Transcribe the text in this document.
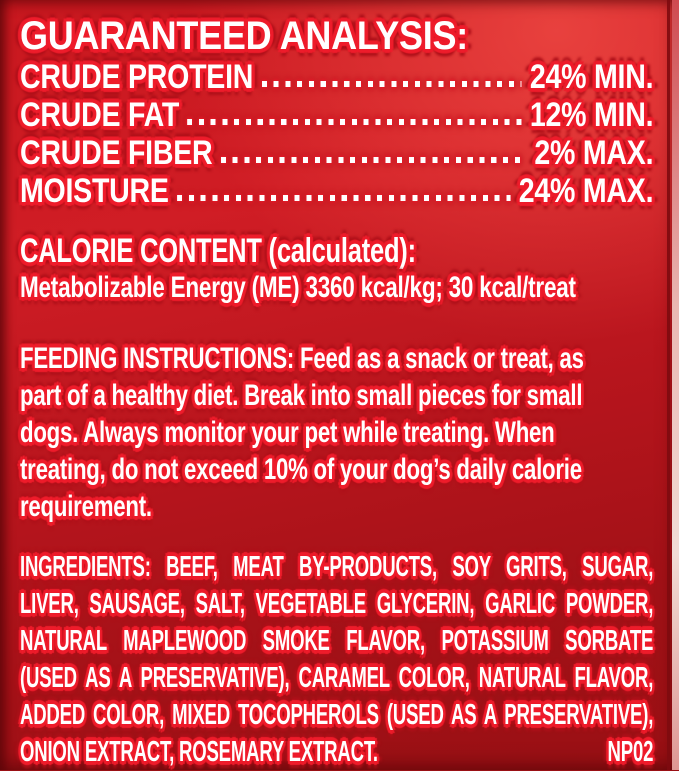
GUARANTEED ANALYSIS:
CRUDE PROTEIN	24% MIN.
CRUDE FAT	12% MIN.
CRUDE FIBER	2% MAX.
MOISTURE	24% MAX.
CALORIE CONTENT (calculated):
Metabolizable Energy (ME) 3360 kcal/kg; 30 kcal/treat
FEEDING INSTRUCTIONS: Feed as a snack or treat, as
part of a healthy diet. Break into small pieces for small
dogs. Always monitor your pet while treating. When
treating, do not exceed 10% of your dog’s daily calorie
requirement.
INGREDIENTS: BEEF, MEAT BY-PRODUCTS, SOY GRITS, SUGAR,
LIVER, SAUSAGE, SALT, VEGETABLE GLYCERIN, GARLIC POWDER,
NATURAL MAPLEWOOD SMOKE FLAVOR, POTASSIUM SORBATE
(USED AS A PRESERVATIVE), CARAMEL COLOR, NATURAL FLAVOR,
ADDED COLOR, MIXED TOCOPHEROLS (USED AS A PRESERVATIVE),
ONION EXTRACT, ROSEMARY EXTRACT.	NP02
